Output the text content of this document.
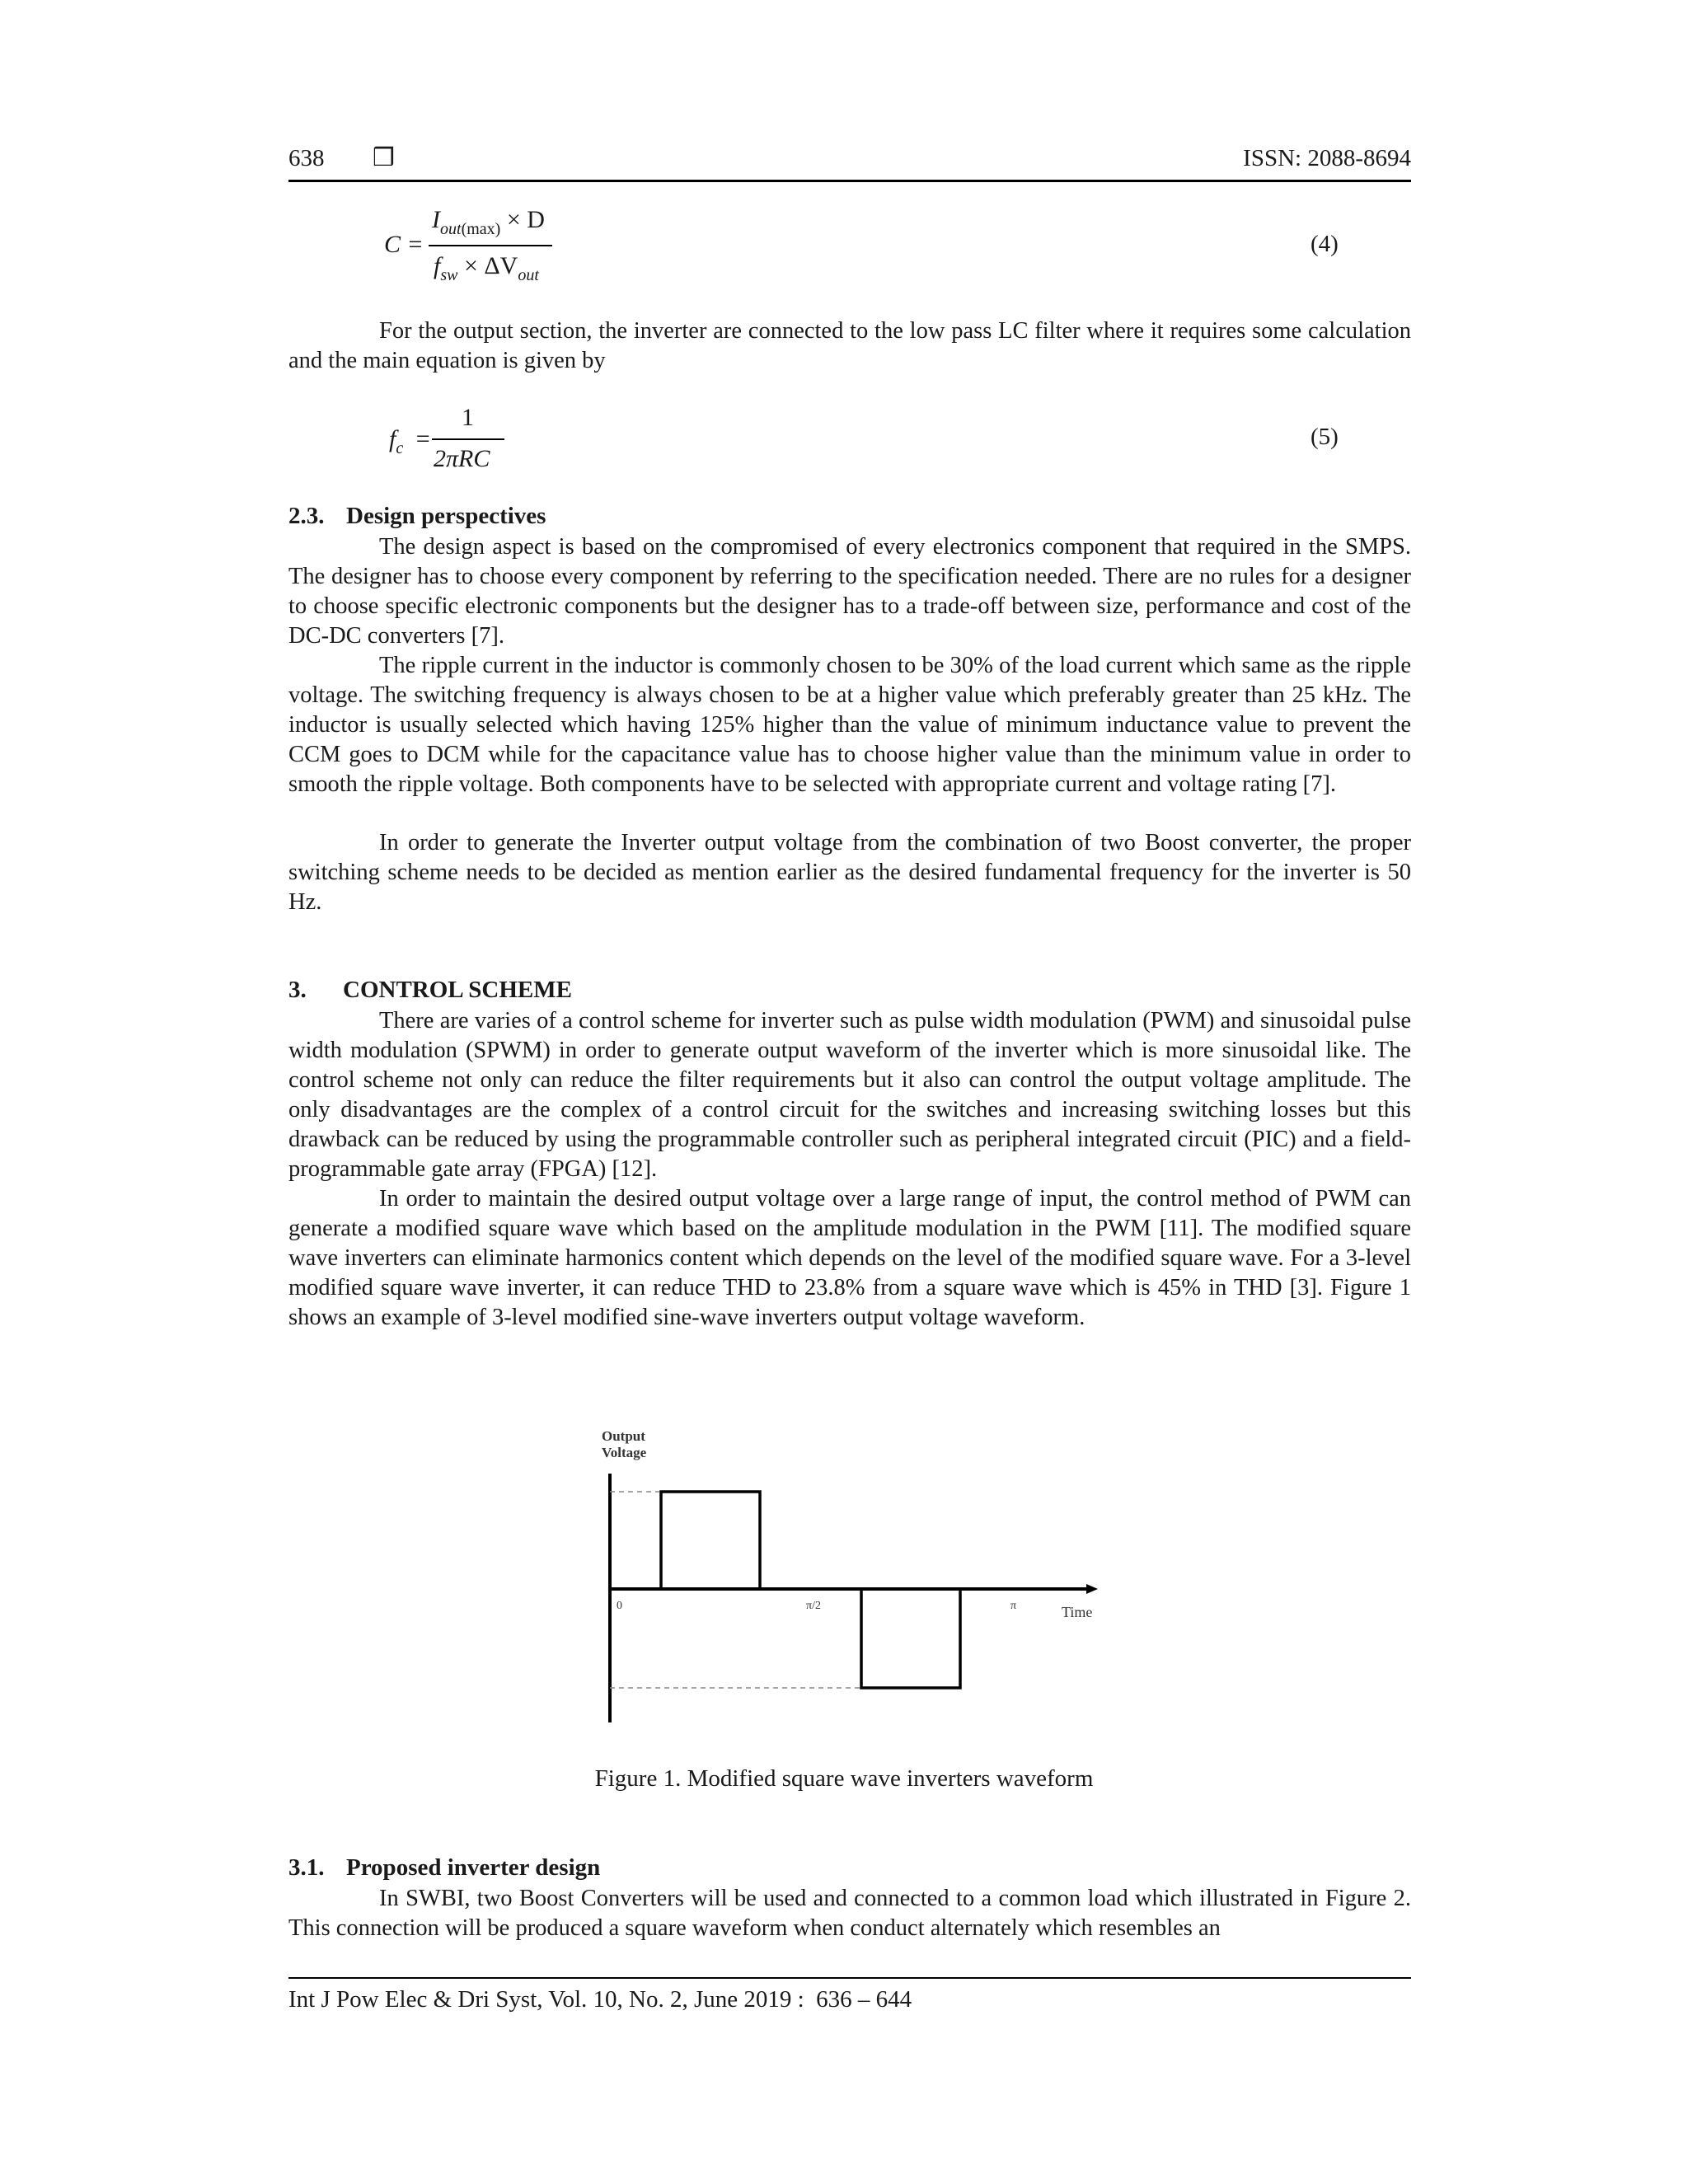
638 ❒	ISSN: 2088-8694
C =
$I_{out(max)} \times D$
$f_{sw} \times \Delta V_{out}$
(4)
For the output section, the inverter are connected to the low pass LC filter where it requires some calculation and the main equation is given by
$f_c$ =
1
2πRC
(5)
2.3. Design perspectives
The design aspect is based on the compromised of every electronics component that required in the SMPS. The designer has to choose every component by referring to the specification needed. There are no rules for a designer to choose specific electronic components but the designer has to a trade-off between size, performance and cost of the DC-DC converters [7].
The ripple current in the inductor is commonly chosen to be 30% of the load current which same as the ripple voltage. The switching frequency is always chosen to be at a higher value which preferably greater than 25 kHz. The inductor is usually selected which having 125% higher than the value of minimum inductance value to prevent the CCM goes to DCM while for the capacitance value has to choose higher value than the minimum value in order to smooth the ripple voltage. Both components have to be selected with appropriate current and voltage rating [7].
In order to generate the Inverter output voltage from the combination of two Boost converter, the proper switching scheme needs to be decided as mention earlier as the desired fundamental frequency for the inverter is 50 Hz.
3. CONTROL SCHEME
There are varies of a control scheme for inverter such as pulse width modulation (PWM) and sinusoidal pulse width modulation (SPWM) in order to generate output waveform of the inverter which is more sinusoidal like. The control scheme not only can reduce the filter requirements but it also can control the output voltage amplitude. The only disadvantages are the complex of a control circuit for the switches and increasing switching losses but this drawback can be reduced by using the programmable controller such as peripheral integrated circuit (PIC) and a field-programmable gate array (FPGA) [12].
In order to maintain the desired output voltage over a large range of input, the control method of PWM can generate a modified square wave which based on the amplitude modulation in the PWM [11]. The modified square wave inverters can eliminate harmonics content which depends on the level of the modified square wave. For a 3-level modified square wave inverter, it can reduce THD to 23.8% from a square wave which is 45% in THD [3]. Figure 1 shows an example of 3-level modified sine-wave inverters output voltage waveform.
Output
Voltage
0	π/2	π	Time
Figure 1. Modified square wave inverters waveform
3.1. Proposed inverter design
In SWBI, two Boost Converters will be used and connected to a common load which illustrated in Figure 2. This connection will be produced a square waveform when conduct alternately which resembles an
Int J Pow Elec & Dri Syst, Vol. 10, No. 2, June 2019 :  636 – 644
